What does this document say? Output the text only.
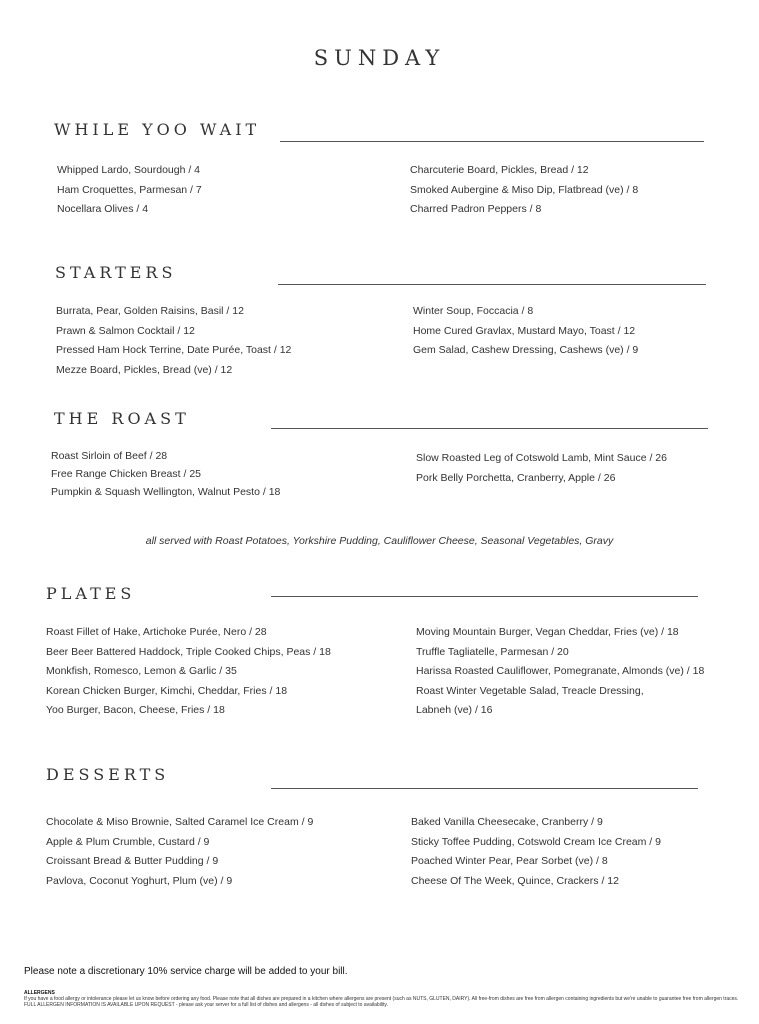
SUNDAY
WHILE YOO WAIT
Whipped Lardo, Sourdough / 4
Ham Croquettes, Parmesan / 7
Nocellara Olives / 4
Charcuterie Board, Pickles, Bread / 12
Smoked Aubergine & Miso Dip, Flatbread (ve) / 8
Charred Padron Peppers / 8
STARTERS
Burrata, Pear, Golden Raisins, Basil / 12
Prawn & Salmon Cocktail / 12
Pressed Ham Hock Terrine, Date Purée, Toast / 12
Mezze Board, Pickles, Bread (ve) / 12
Winter Soup, Foccacia / 8
Home Cured Gravlax, Mustard Mayo, Toast / 12
Gem Salad, Cashew Dressing, Cashews (ve) / 9
THE ROAST
Roast Sirloin of Beef / 28
Free Range Chicken Breast / 25
Pumpkin & Squash Wellington, Walnut Pesto / 18
Slow Roasted Leg of Cotswold Lamb, Mint Sauce / 26
Pork Belly Porchetta, Cranberry, Apple / 26
all served with Roast Potatoes, Yorkshire Pudding, Cauliflower Cheese, Seasonal Vegetables, Gravy
PLATES
Roast Fillet of Hake, Artichoke Purée, Nero / 28
Beer Beer Battered Haddock, Triple Cooked Chips, Peas / 18
Monkfish, Romesco, Lemon & Garlic / 35
Korean Chicken Burger, Kimchi, Cheddar, Fries / 18
Yoo Burger, Bacon, Cheese, Fries / 18
Moving Mountain Burger, Vegan Cheddar, Fries (ve) / 18
Truffle Tagliatelle, Parmesan / 20
Harissa Roasted Cauliflower, Pomegranate, Almonds (ve) / 18
Roast Winter Vegetable Salad, Treacle Dressing,
Labneh (ve) / 16
DESSERTS
Chocolate & Miso Brownie, Salted Caramel Ice Cream / 9
Apple & Plum Crumble, Custard / 9
Croissant Bread & Butter Pudding / 9
Pavlova, Coconut Yoghurt, Plum (ve) / 9
Baked Vanilla Cheesecake, Cranberry / 9
Sticky Toffee Pudding, Cotswold Cream Ice Cream / 9
Poached Winter Pear, Pear Sorbet (ve) / 8
Cheese Of The Week, Quince, Crackers / 12
Please note a discretionary 10% service charge will be added to your bill.
ALLERGENS
If you have a food allergy or intolerance please let us know before ordering any food. Please note that all dishes are prepared in a kitchen where allergens are present (such as NUTS, GLUTEN, DAIRY). All free-from dishes are free from allergen containing ingredients but we're unable to guarantee free from allergen traces. FULL ALLERGEN INFORMATION IS AVAILABLE UPON REQUEST - please ask your server for a full list of dishes and allergens - all dishes of subject to availability.
